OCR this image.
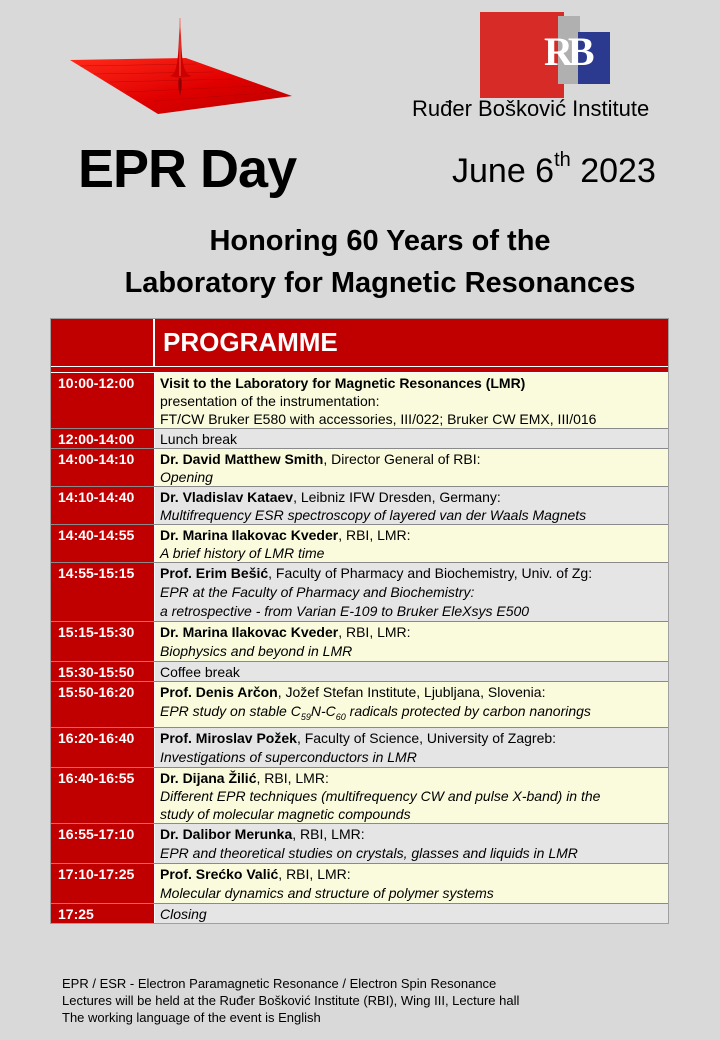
RB
Ruđer Bošković Institute
EPR Day	June 6th 2023
Honoring 60 Years of the
Laboratory for Magnetic Resonances
PROGRAMME
10:00-12:00	Visit to the Laboratory for Magnetic Resonances (LMR)
presentation of the instrumentation:
FT/CW Bruker E580 with accessories, III/022; Bruker CW EMX, III/016
12:00-14:00	Lunch break
14:00-14:10	Dr. David Matthew Smith, Director General of RBI:
Opening
14:10-14:40	Dr. Vladislav Kataev, Leibniz IFW Dresden, Germany:
Multifrequency ESR spectroscopy of layered van der Waals Magnets
14:40-14:55	Dr. Marina Ilakovac Kveder, RBI, LMR:
A brief history of LMR time
14:55-15:15	Prof. Erim Bešić, Faculty of Pharmacy and Biochemistry, Univ. of Zg:
EPR at the Faculty of Pharmacy and Biochemistry:
a retrospective - from Varian E-109 to Bruker EleXsys E500
15:15-15:30	Dr. Marina Ilakovac Kveder, RBI, LMR:
Biophysics and beyond in LMR
15:30-15:50	Coffee break
15:50-16:20	Prof. Denis Arčon, Jožef Stefan Institute, Ljubljana, Slovenia:
EPR study on stable $C_{59}N-C_{60}$ radicals protected by carbon nanorings
16:20-16:40	Prof. Miroslav Požek, Faculty of Science, University of Zagreb:
Investigations of superconductors in LMR
16:40-16:55	Dr. Dijana Žilić, RBI, LMR:
Different EPR techniques (multifrequency CW and pulse X-band) in the
study of molecular magnetic compounds
16:55-17:10	Dr. Dalibor Merunka, RBI, LMR:
EPR and theoretical studies on crystals, glasses and liquids in LMR
17:10-17:25	Prof. Srećko Valić, RBI, LMR:
Molecular dynamics and structure of polymer systems
17:25	Closing
EPR / ESR - Electron Paramagnetic Resonance / Electron Spin Resonance
Lectures will be held at the Ruđer Bošković Institute (RBI), Wing III, Lecture hall
The working language of the event is English
